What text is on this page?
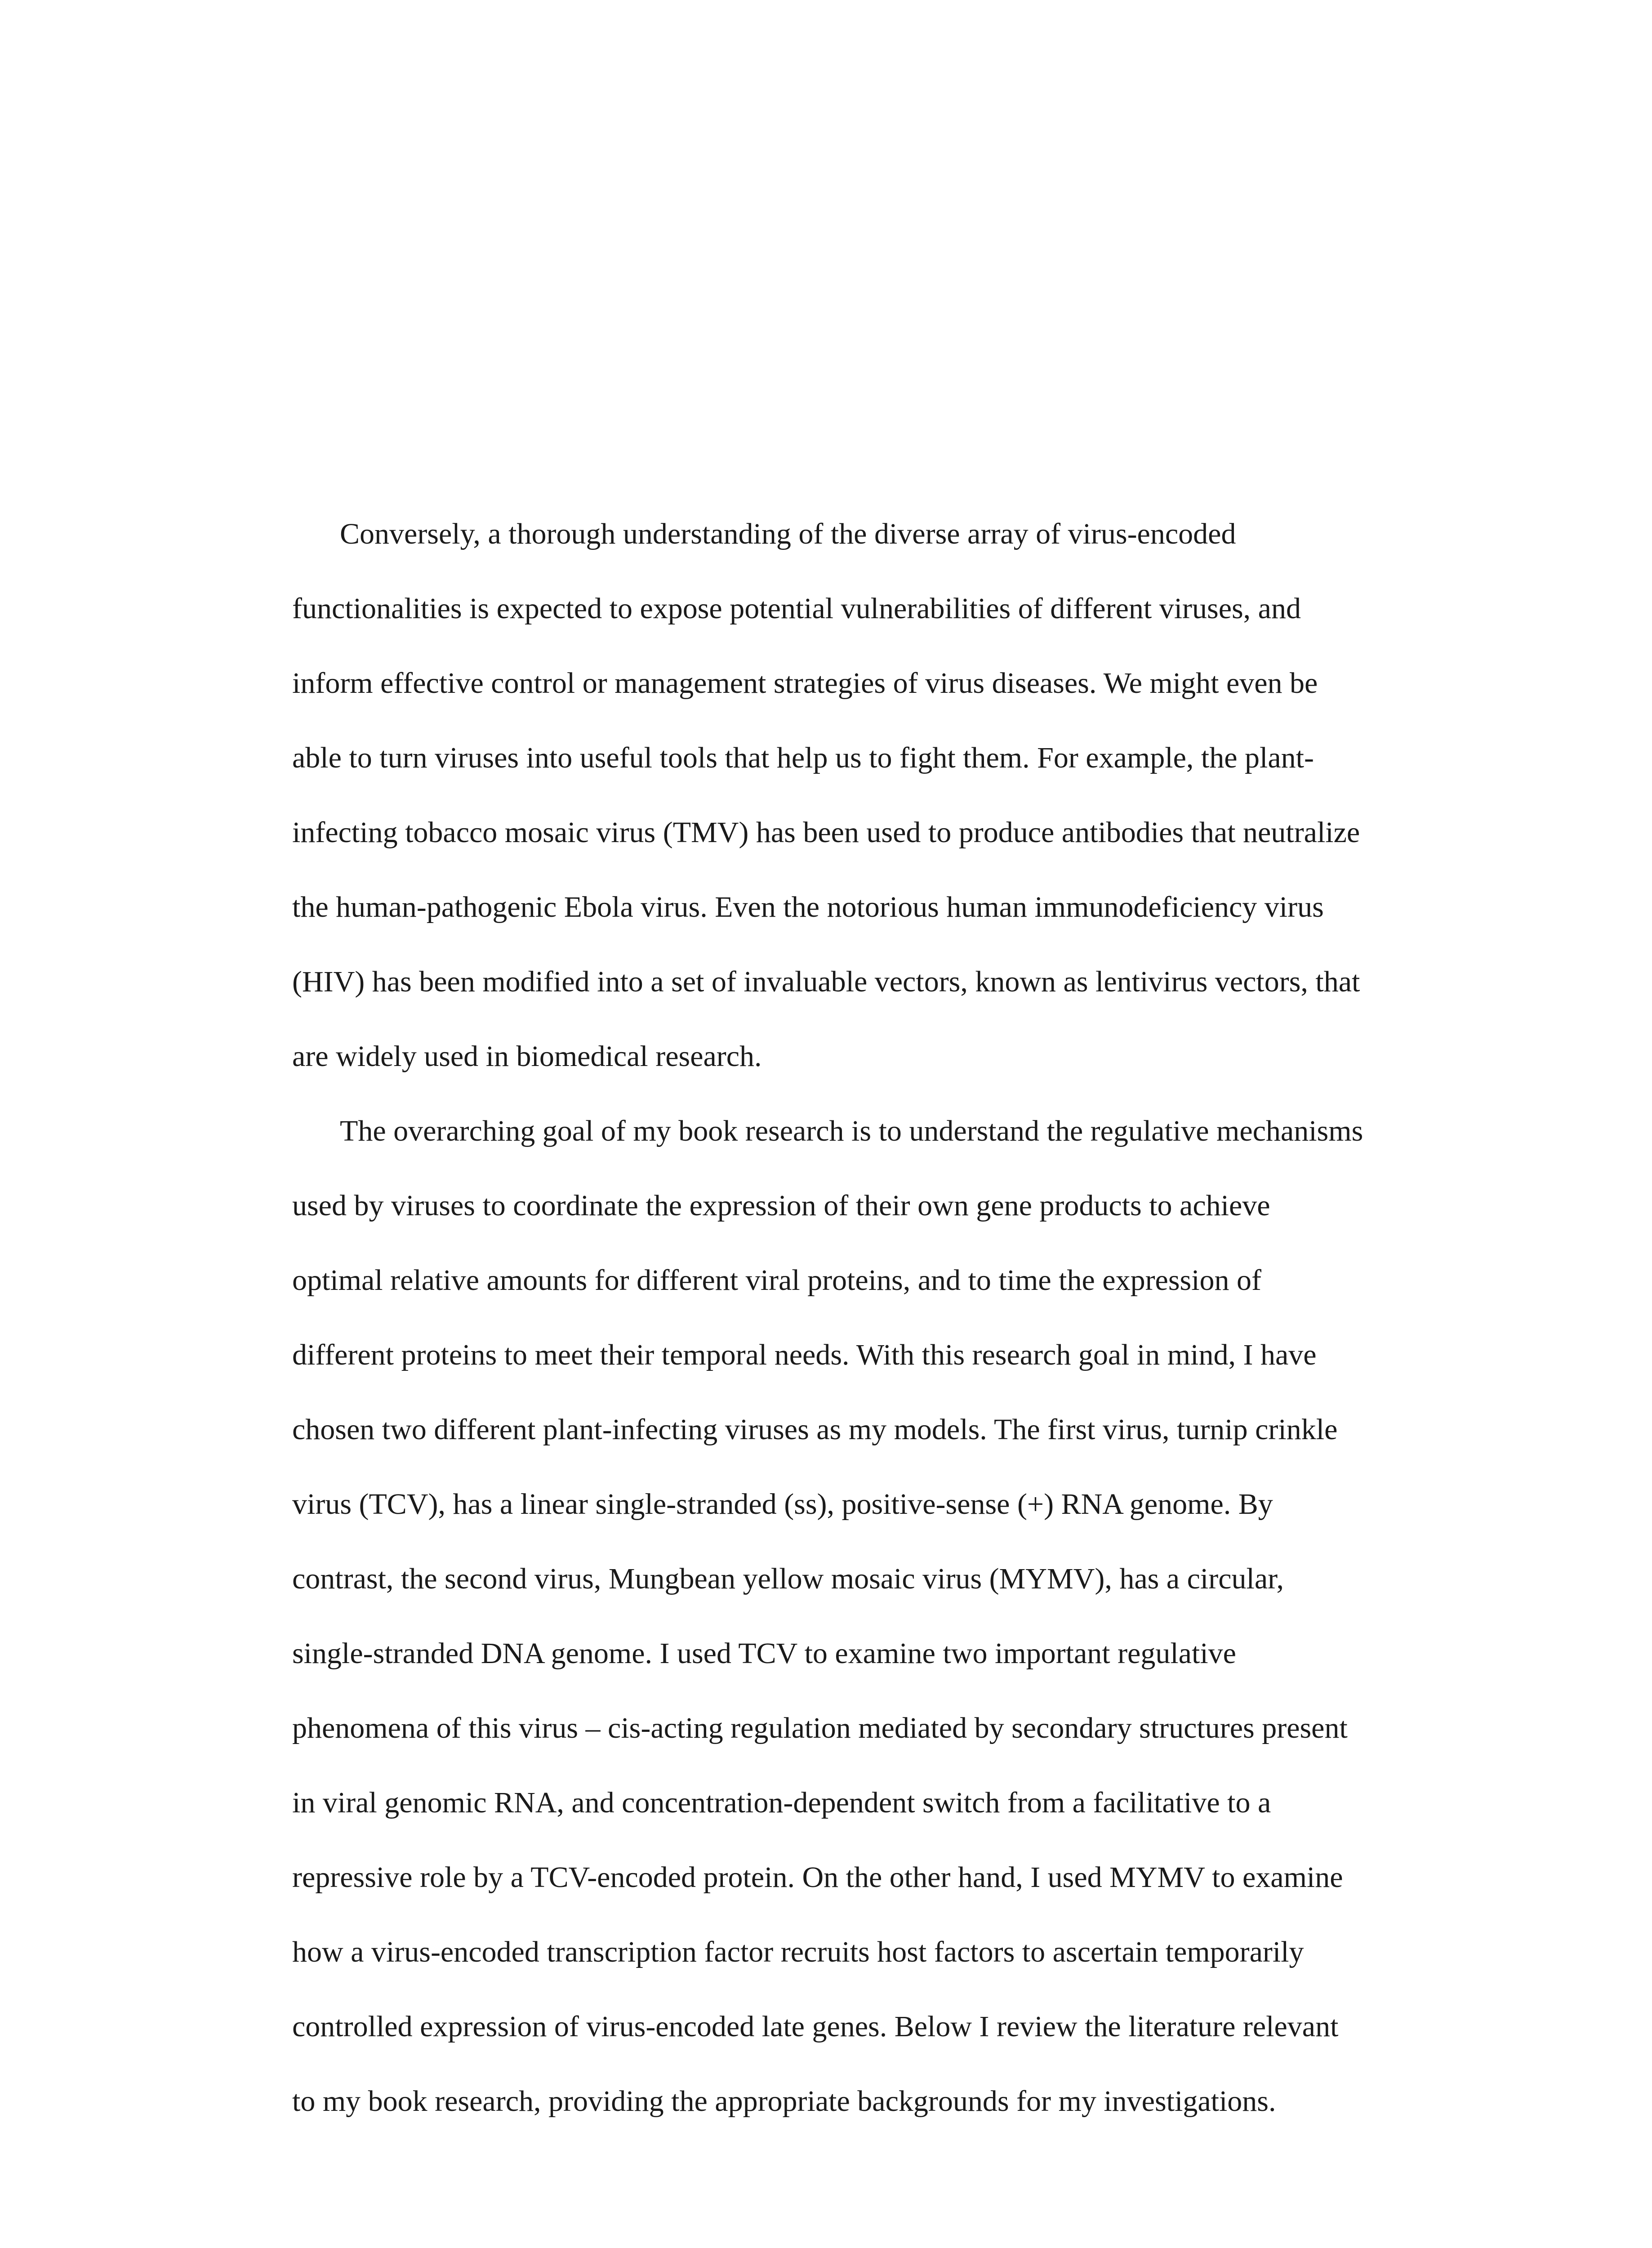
Conversely, a thorough understanding of the diverse array of virus-encoded
functionalities is expected to expose potential vulnerabilities of different viruses, and
inform effective control or management strategies of virus diseases. We might even be
able to turn viruses into useful tools that help us to fight them. For example, the plant-
infecting tobacco mosaic virus (TMV) has been used to produce antibodies that neutralize
the human-pathogenic Ebola virus. Even the notorious human immunodeficiency virus
(HIV) has been modified into a set of invaluable vectors, known as lentivirus vectors, that
are widely used in biomedical research.
The overarching goal of my book research is to understand the regulative mechanisms
used by viruses to coordinate the expression of their own gene products to achieve
optimal relative amounts for different viral proteins, and to time the expression of
different proteins to meet their temporal needs. With this research goal in mind, I have
chosen two different plant-infecting viruses as my models. The first virus, turnip crinkle
virus (TCV), has a linear single-stranded (ss), positive-sense (+) RNA genome. By
contrast, the second virus, Mungbean yellow mosaic virus (MYMV), has a circular,
single-stranded DNA genome. I used TCV to examine two important regulative
phenomena of this virus – cis-acting regulation mediated by secondary structures present
in viral genomic RNA, and concentration-dependent switch from a facilitative to a
repressive role by a TCV-encoded protein. On the other hand, I used MYMV to examine
how a virus-encoded transcription factor recruits host factors to ascertain temporarily
controlled expression of virus-encoded late genes. Below I review the literature relevant
to my book research, providing the appropriate backgrounds for my investigations.
